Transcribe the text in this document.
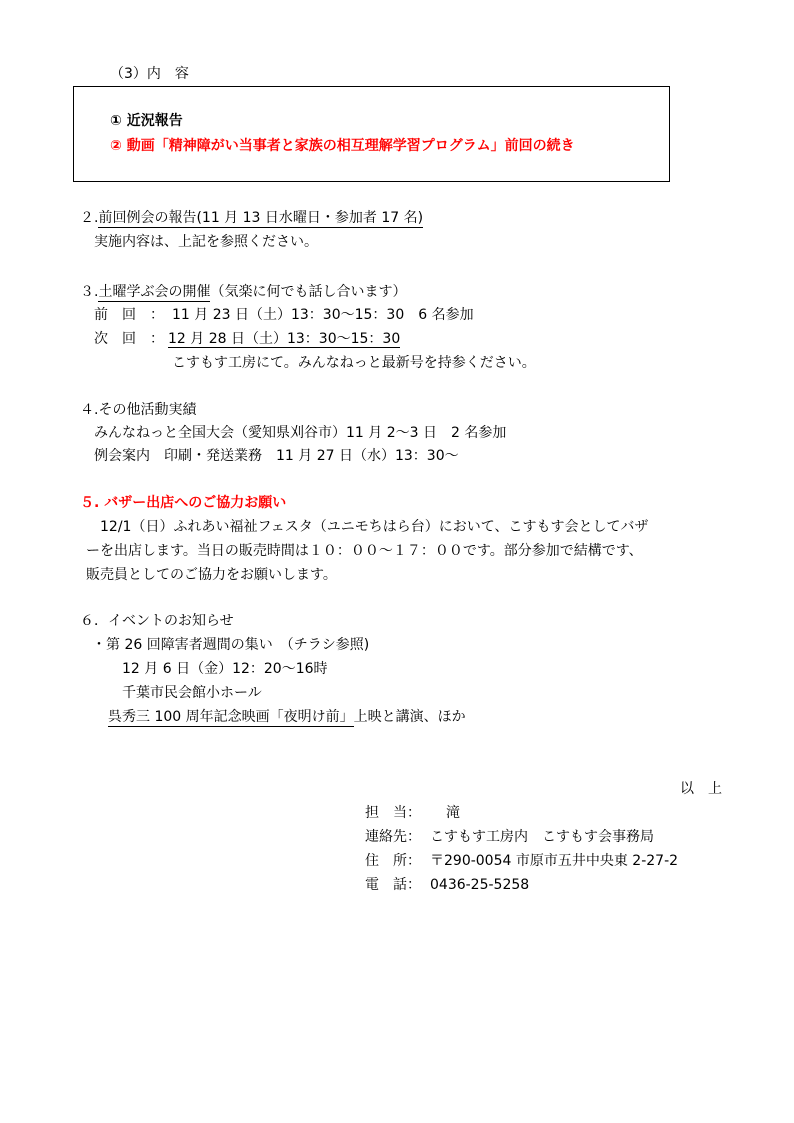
（3）内　容
① 近況報告
② 動画「精神障がい当事者と家族の相互理解学習プログラム」前回の続き
２.前回例会の報告(11 月 13 日水曜日・参加者 17 名)
実施内容は、上記を参照ください。
３.土曜学ぶ会の開催（気楽に何でも話し合います）
前　回　： 11 月 23 日（土）13：30～15：30　6 名参加
次　回　： 12 月 28 日（土）13：30～15：30
こすもす工房にて。みんなねっと最新号を持参ください。
４.その他活動実績
みんなねっと全国大会（愛知県刈谷市）11 月 2～3 日　2 名参加
例会案内　印刷・発送業務　11 月 27 日（水）13：30～
５. バザー出店へのご協力お願い
12/1（日）ふれあい福祉フェスタ（ユニモちはら台）において、こすもす会としてバザ
ーを出店します。当日の販売時間は１０：００～１７：００です。部分参加で結構です、
販売員としてのご協力をお願いします。
６．イベントのお知らせ
・第 26 回障害者週間の集い　（チラシ参照)
12 月 6 日（金）12：20～16時
千葉市民会館小ホール
呉秀三 100 周年記念映画「夜明け前」上映と講演、ほか
以　上
担　当： 滝
連絡先： こすもす工房内　こすもす会事務局
住　所： 〒290-0054 市原市五井中央東 2-27-2
電　話： 0436-25-5258
